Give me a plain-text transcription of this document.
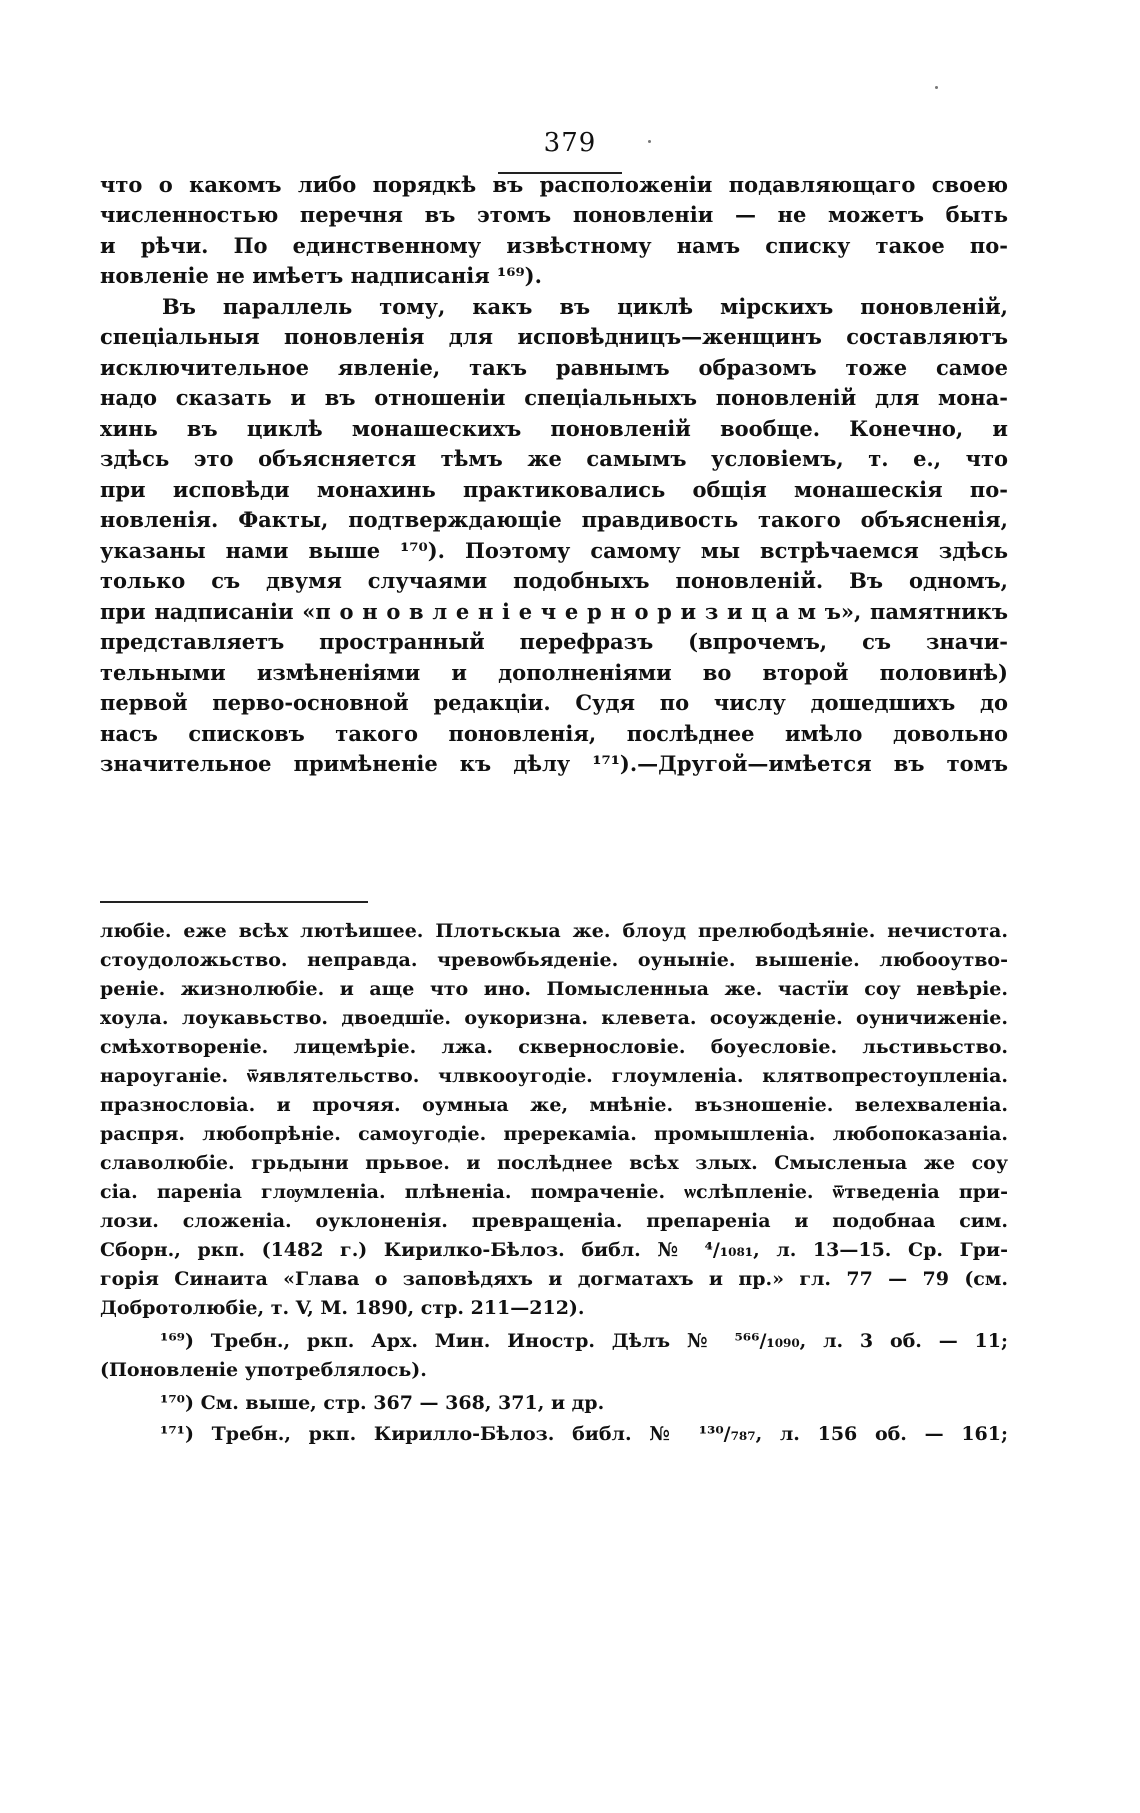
379
что о какомъ либо порядкѣ въ расположеніи подавляющаго своею
численностью перечня въ этомъ поновленіи — не можетъ быть
и рѣчи. По единственному извѣстному намъ списку такое по-
новленіе не имѣетъ надписанія ¹⁶⁹).
Въ параллель тому, какъ въ циклѣ мірскихъ поновленій,
спеціальныя поновленія для исповѣдницъ—женщинъ составляютъ
исключительное явленіе, такъ равнымъ образомъ тоже самое
надо сказать и въ отношеніи спеціальныхъ поновленій для мона-
хинь въ циклѣ монашескихъ поновленій вообще. Конечно, и
здѣсь это объясняется тѣмъ же самымъ условіемъ, т. е., что
при исповѣди монахинь практиковались общія монашескія по-
новленія. Факты, подтверждающіе правдивость такого объясненія,
указаны нами выше ¹⁷⁰). Поэтому самому мы встрѣчаемся здѣсь
только съ двумя случаями подобныхъ поновленій. Въ одномъ,
при надписаніи «п о н о в л е н і е ч е р н о р и з и ц а м ъ», памятникъ
представляетъ пространный перефразъ (впрочемъ, съ значи-
тельными измѣненіями и дополненіями во второй половинѣ)
первой перво-основной редакціи. Судя по числу дошедшихъ до
насъ списковъ такого поновленія, послѣднее имѣло довольно
значительное примѣненіе къ дѣлу ¹⁷¹).—Другой—имѣется въ томъ
любіе. еже всѣх лютѣишее. Плотьскыа же. блоуд прелюбодѣяніе. нечистота.
стоудоложьство. неправда. чревоѡбьяденіе. оуныніе. вышеніе. любооутво-
реніе. жизнолюбіе. и аще что ино. Помысленныа же. частїи соу невѣріе.
хоула. лоукавьство. двоедшїе. оукоризна. клевета. осоужденіе. оуничиженіе.
смѣхотвореніе. лицемѣріе. лжа. сквернословіе. боуесловіе. льстивьство.
нароуганіе. ѿявлятельство. члвкооугодіе. глоумленіа. клятвопрестоупленіа.
празнословіа. и прочяя. оумныа же, мнѣніе. възношеніе. велехваленіа.
распря. любопрѣніе. самоугодіе. пререкаміа. промышленіа. любопоказаніа.
славолюбіе. грьдыни прьвое. и послѣднее всѣх злых. Смысленыа же соу
сіа. пареніа глѹмленіа. плѣненіа. помраченіе. ѡслѣпленіе. ѿтведеніа при-
лози. сложеніа. оуклоненія. превращеніа. препареніа и подобнаа сим.
Сборн., ркп. (1482 г.) Кирилко-Бѣлоз. библ. № ⁴/₁₀₈₁, л. 13—15. Ср. Гри-
горія Синаита «Глава о заповѣдяхъ и догматахъ и пр.» гл. 77 — 79 (см.
Добротолюбіе, т. V, М. 1890, стр. 211—212).
¹⁶⁹) Требн., ркп. Арх. Мин. Иностр. Дѣлъ № ⁵⁶⁶/₁₀₉₀, л. 3 об. — 11;
(Поновленіе употреблялось).
¹⁷⁰) См. выше, стр. 367 — 368, 371, и др.
¹⁷¹) Требн., ркп. Кирилло-Бѣлоз. библ. № ¹³⁰/₇₈₇, л. 156 об. — 161;
